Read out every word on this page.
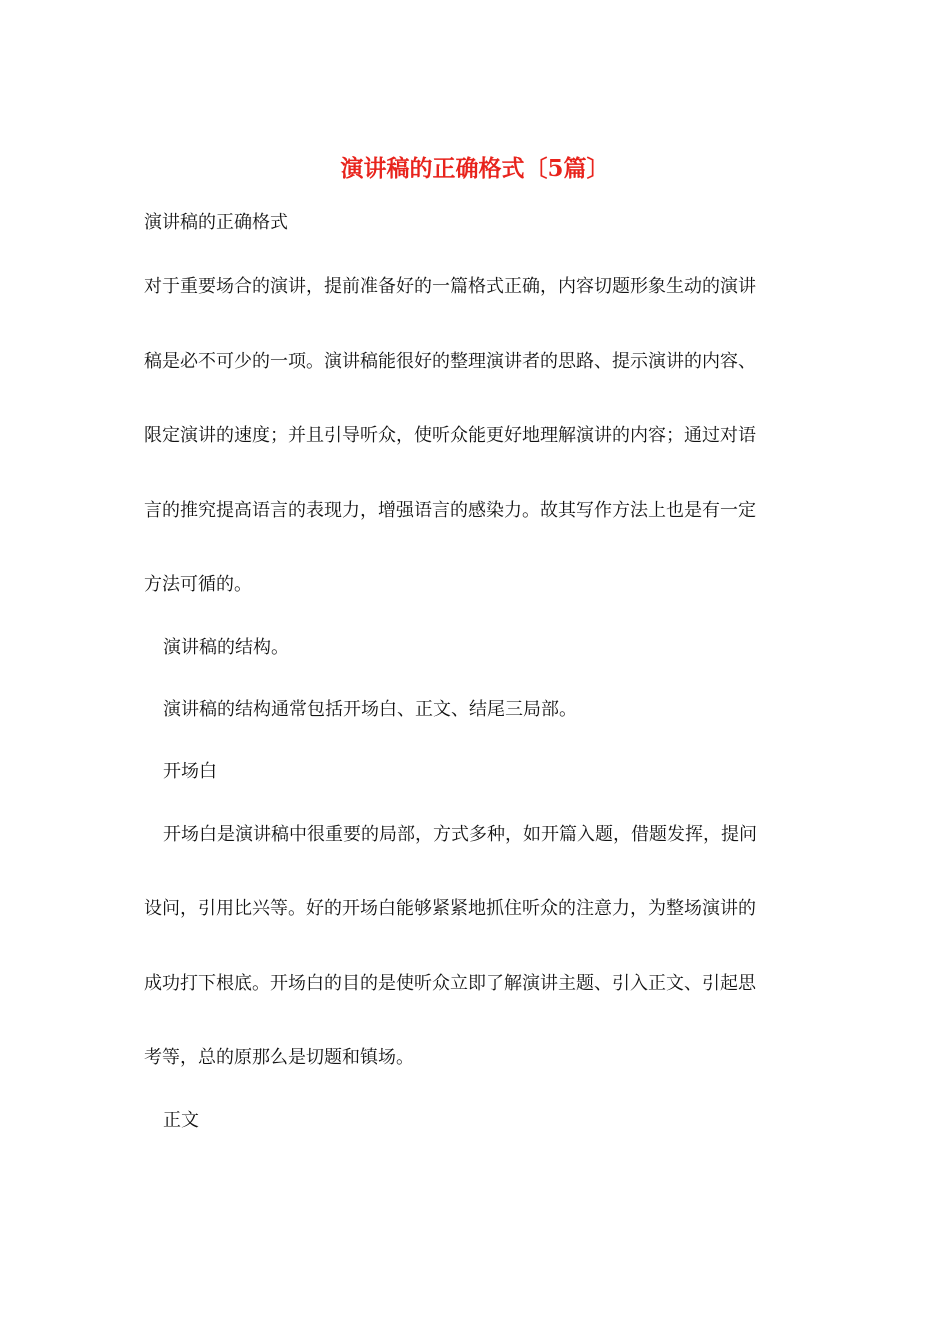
演讲稿的正确格式〔5篇〕
演讲稿的正确格式
对于重要场合的演讲，提前准备好的一篇格式正确，内容切题形象生动的演讲
稿是必不可少的一项。演讲稿能很好的整理演讲者的思路、提示演讲的内容、
限定演讲的速度；并且引导听众，使听众能更好地理解演讲的内容；通过对语
言的推究提高语言的表现力，增强语言的感染力。故其写作方法上也是有一定
方法可循的。
演讲稿的结构。
演讲稿的结构通常包括开场白、正文、结尾三局部。
开场白
开场白是演讲稿中很重要的局部，方式多种，如开篇入题，借题发挥，提问
设问，引用比兴等。好的开场白能够紧紧地抓住听众的注意力，为整场演讲的
成功打下根底。开场白的目的是使听众立即了解演讲主题、引入正文、引起思
考等，总的原那么是切题和镇场。
正文
